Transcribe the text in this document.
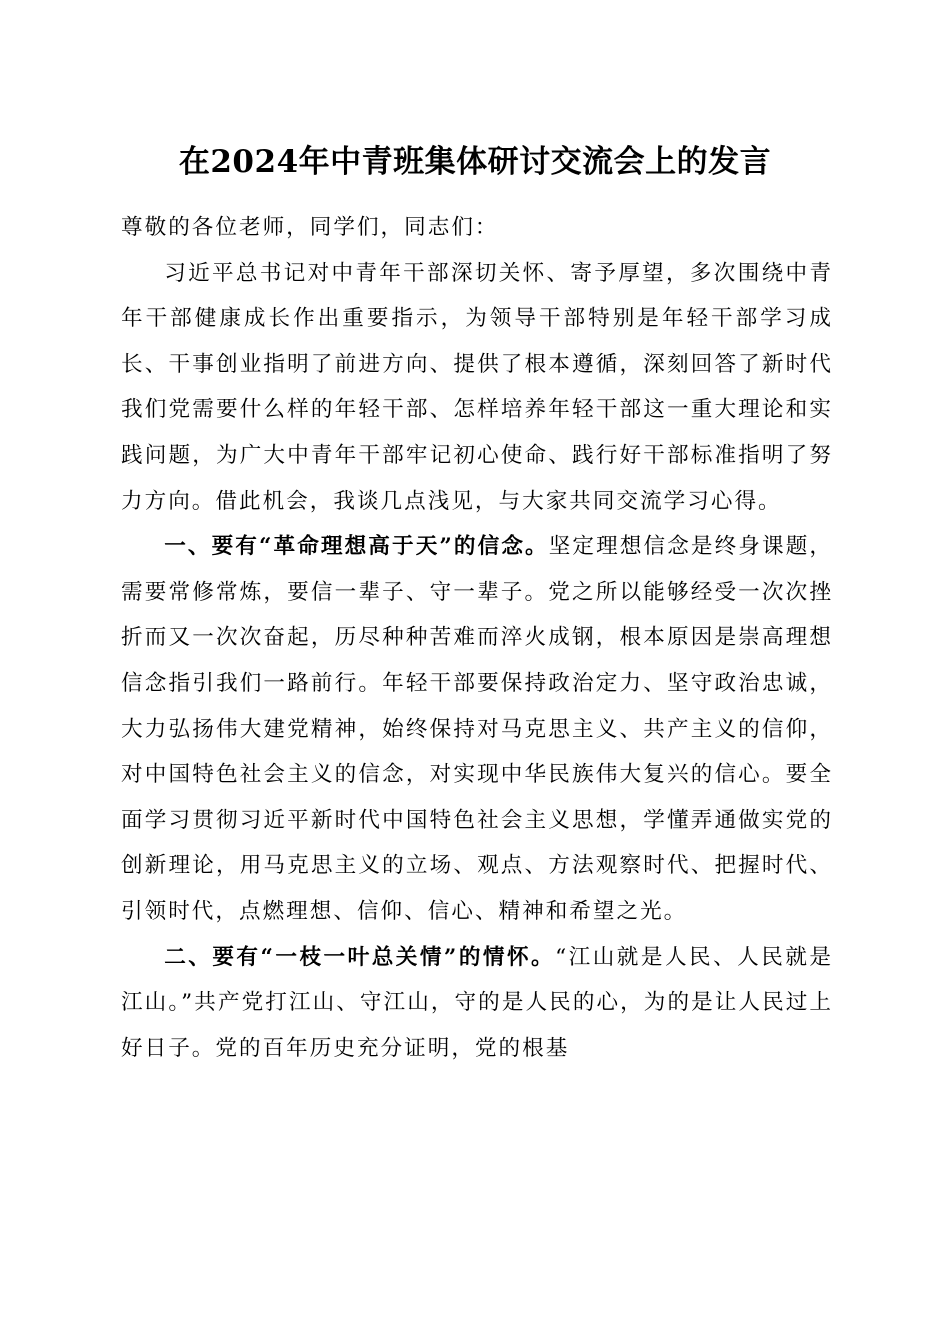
在2024年中青班集体研讨交流会上的发言

尊敬的各位老师，同学们，同志们：

习近平总书记对中青年干部深切关怀、寄予厚望，多次围绕中青年干部健康成长作出重要指示，为领导干部特别是年轻干部学习成长、干事创业指明了前进方向、提供了根本遵循，深刻回答了新时代我们党需要什么样的年轻干部、怎样培养年轻干部这一重大理论和实践问题，为广大中青年干部牢记初心使命、践行好干部标准指明了努力方向。借此机会，我谈几点浅见，与大家共同交流学习心得。

一、要有“革命理想高于天”的信念。坚定理想信念是终身课题，需要常修常炼，要信一辈子、守一辈子。党之所以能够经受一次次挫折而又一次次奋起，历尽种种苦难而淬火成钢，根本原因是崇高理想信念指引我们一路前行。年轻干部要保持政治定力、坚守政治忠诚，大力弘扬伟大建党精神，始终保持对马克思主义、共产主义的信仰，对中国特色社会主义的信念，对实现中华民族伟大复兴的信心。要全面学习贯彻习近平新时代中国特色社会主义思想，学懂弄通做实党的创新理论，用马克思主义的立场、观点、方法观察时代、把握时代、引领时代，点燃理想、信仰、信心、精神和希望之光。

二、要有“一枝一叶总关情”的情怀。“江山就是人民、人民就是江山。”共产党打江山、守江山，守的是人民的心，为的是让人民过上好日子。党的百年历史充分证明，党的根基
